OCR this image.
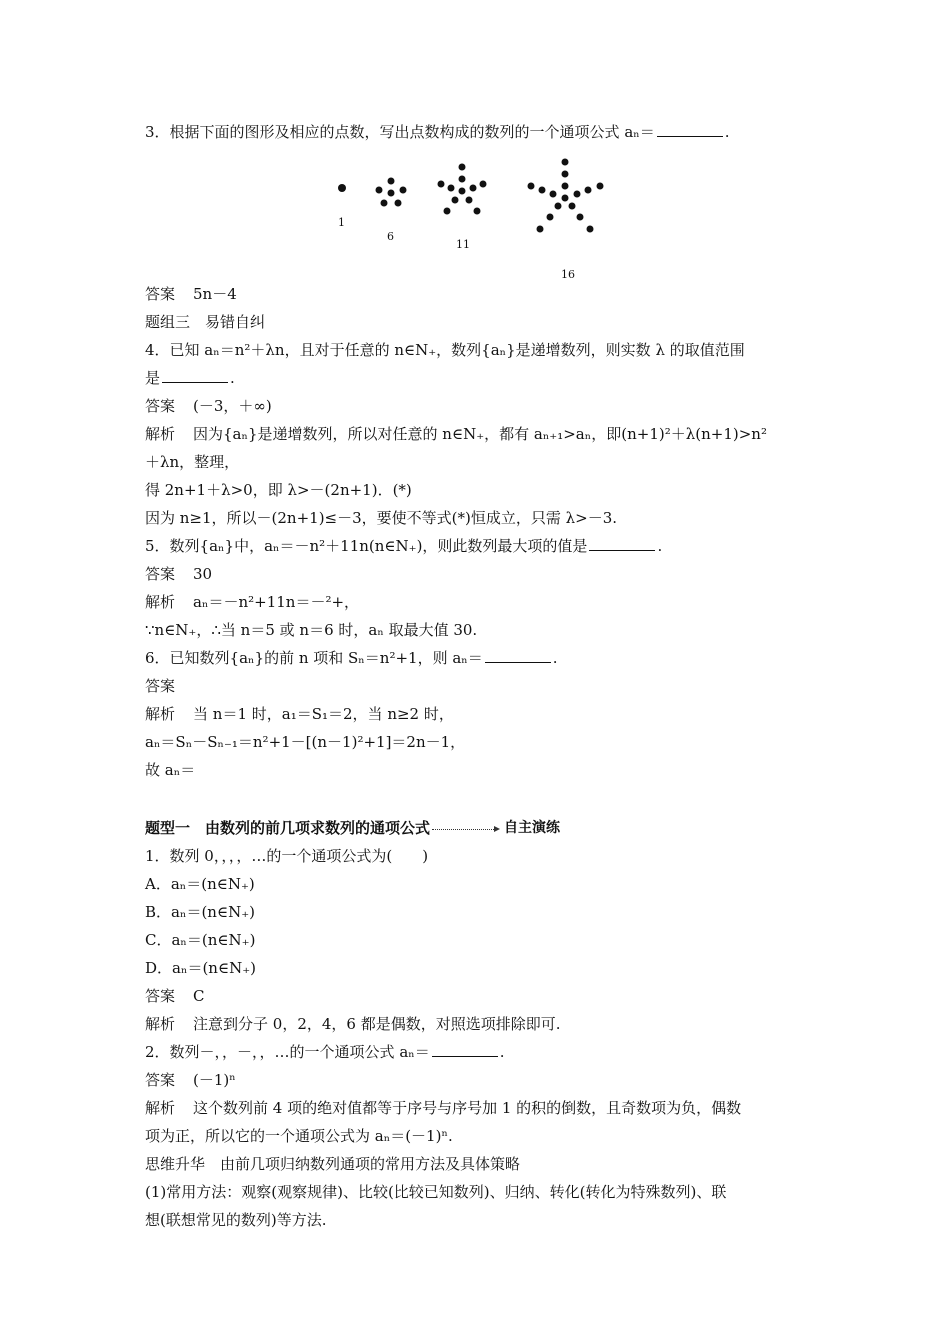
3．根据下面的图形及相应的点数，写出点数构成的数列的一个通项公式 aₙ＝	.
1
6
11
16
答案 5n－4
题组三　易错自纠
4．已知 aₙ＝n²＋λn，且对于任意的 n∈N₊，数列{aₙ}是递增数列，则实数 λ 的取值范围
是	.
答案 (－3，＋∞)
解析 因为{aₙ}是递增数列，所以对任意的 n∈N₊，都有 aₙ₊₁>aₙ，即(n+1)²＋λ(n+1)>n²
＋λn，整理，
得 2n+1＋λ>0，即 λ>－(2n+1)．(*)
因为 n≥1，所以－(2n+1)≤－3，要使不等式(*)恒成立，只需 λ>－3.
5．数列{aₙ}中，aₙ＝－n²＋11n(n∈N₊)，则此数列最大项的值是	.
答案 30
解析 aₙ＝－n²+11n＝－²+，
∵n∈N₊，∴当 n＝5 或 n＝6 时，aₙ 取最大值 30.
6．已知数列{aₙ}的前 n 项和 Sₙ＝n²+1，则 aₙ＝	.
答案
解析 当 n＝1 时，a₁＝S₁＝2，当 n≥2 时，
aₙ＝Sₙ－Sₙ₋₁＝n²+1－[(n－1)²+1]＝2n－1，
故 aₙ＝
题型一　由数列的前几项求数列的通项公式	自主演练
1．数列 0，，，，…的一个通项公式为(　　)
A．aₙ＝(n∈N₊)
B．aₙ＝(n∈N₊)
C．aₙ＝(n∈N₊)
D．aₙ＝(n∈N₊)
答案 C
解析 注意到分子 0，2，4，6 都是偶数，对照选项排除即可.
2．数列－，，－，，…的一个通项公式 aₙ＝	.
答案 (－1)ⁿ
解析 这个数列前 4 项的绝对值都等于序号与序号加 1 的积的倒数，且奇数项为负，偶数
项为正，所以它的一个通项公式为 aₙ＝(－1)ⁿ.
思维升华　由前几项归纳数列通项的常用方法及具体策略
(1)常用方法：观察(观察规律)、比较(比较已知数列)、归纳、转化(转化为特殊数列)、联
想(联想常见的数列)等方法.
